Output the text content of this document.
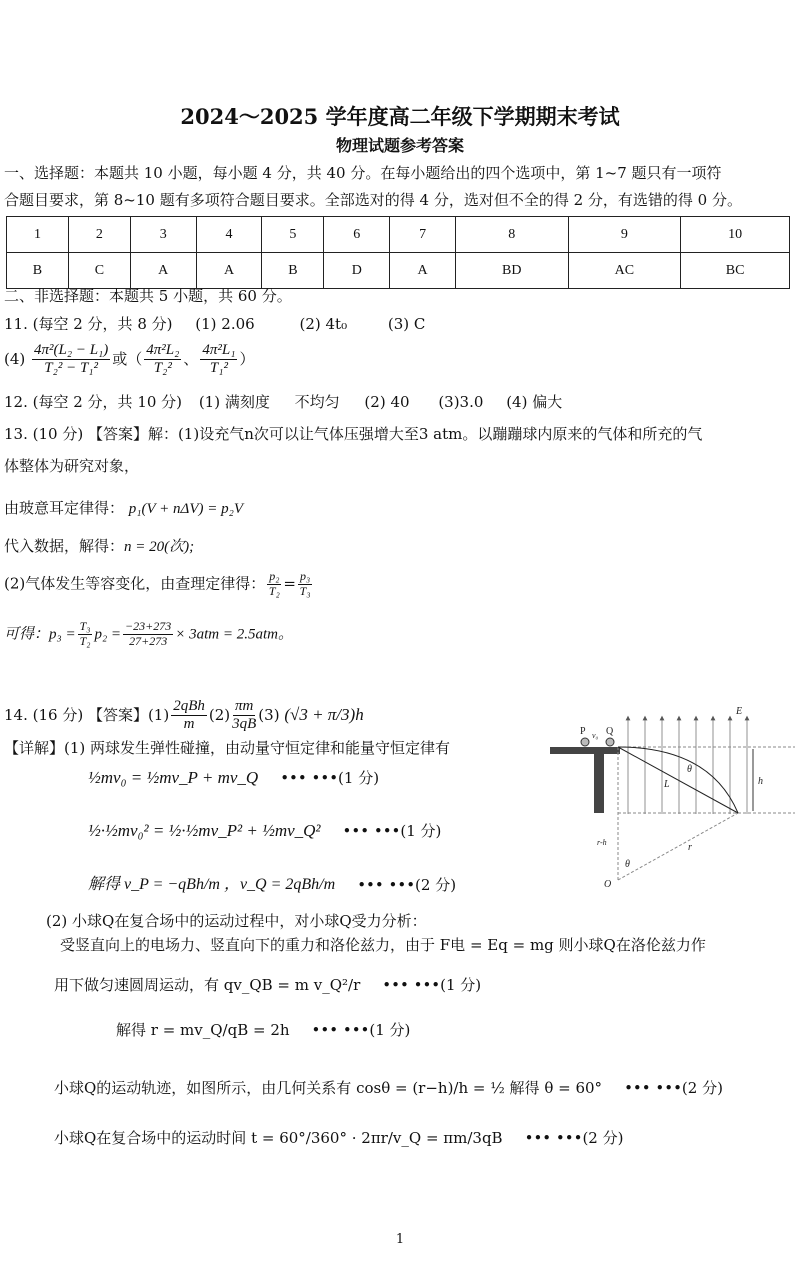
2024～2025 学年度高二年级下学期期末考试
物理试题参考答案
一、选择题：本题共 10 小题，每小题 4 分，共 40 分。在每小题给出的四个选项中，第 1~7 题只有一项符
合题目要求，第 8~10 题有多项符合题目要求。全部选对的得 4 分，选对但不全的得 2 分，有选错的得 0 分。
1	2	3	4	5	6	7	8	9	10
B	C	A	A	B	D	A	BD	AC	BC
二、非选择题：本题共 5 小题，共 60 分。
11. (每空 2 分，共 8 分) (1) 2.06	(2) 4t₀	(3) C
$(4) \frac{\text{4π²(L₂ − L₁)}}{\text{T₂² − T₁²}}$ 或（ $\frac{\text{4π²L₂}}{\text{T₂²}}$ 、 $\frac{\text{4π²L₁}}{\text{T₁²}}$ ）
12. (每空 2 分，共 10 分) (1) 满刻度 不均匀 (2) 40 (3)3.0 (4) 偏大
13. (10 分) 【答案】解：(1)设充气n次可以让气体压强增大至3 atm。以蹦蹦球内原来的气体和所充的气
体整体为研究对象，
由玻意耳定律得： p₁(V + nΔV) = p₂V
代入数据，解得：n = 20(次);
(2)气体发生等容变化，由查理定律得： $\frac{\text{p₂}}{\text{T₂}} = \frac{\text{p₃}}{\text{T₃}}$
可得：$p_3 = \frac{\text{T₃}}{\text{T₂}} p_2 = \frac{-23+273}{27+273} \times 3atm = 2.5atm$。
14. (16 分) 【答案】(1) 2qBh
m
$(2) \frac{\pi m}{3qB} (3) (√3 + \pi/3)h$
【详解】(1) 两球发生弹性碰撞，由动量守恒定律和能量守恒定律有
½mv₀ = ½mv_P + mv_Q ••• •••(1 分)
½·½mv₀² = ½·½mv_P² + ½mv_Q² ••• •••(1 分)
解得 v_P = −qBh/m ，v_Q = 2qBh/m ••• •••(2 分)
(2) 小球Q在复合场中的运动过程中，对小球Q受力分析：
受竖直向上的电场力、竖直向下的重力和洛伦兹力，由于 F电 = Eq = mg 则小球Q在洛伦兹力作
用下做匀速圆周运动，有 qv_QB = m v_Q²/r ••• •••(1 分)
解得 r = mv_Q/qB = 2h ••• •••(1 分)
小球Q的运动轨迹，如图所示，由几何关系有 cosθ = (r−h)/h = ½ 解得 θ = 60° ••• •••(2 分)
小球Q在复合场中的运动时间 t = 60°/360° · 2πr/v_Q = πm/3qB ••• •••(2 分)
P v₀ Q
E
h
θ
L
r-h	r
θ
O
1
